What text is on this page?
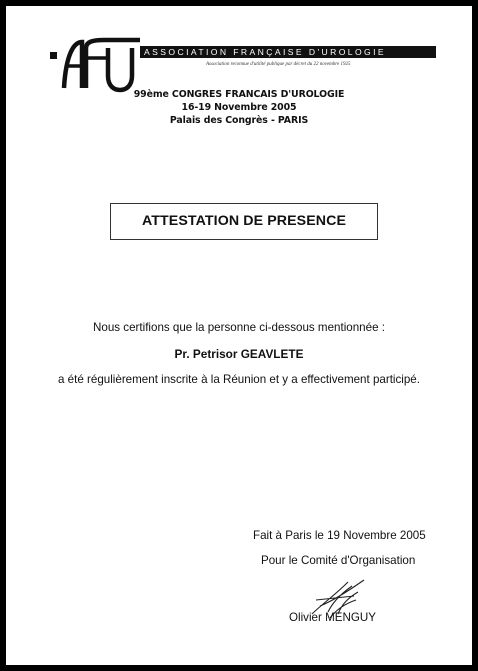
ASSOCIATION FRANÇAISE D'UROLOGIE
Association reconnue d'utilité publique par décret du 22 novembre 1925
99ème CONGRES FRANCAIS D'UROLOGIE
16-19 Novembre 2005
Palais des Congrès - PARIS
ATTESTATION DE PRESENCE
Nous certifions que la personne ci-dessous mentionnée :
Pr. Petrisor GEAVLETE
a été régulièrement inscrite à la Réunion et y a effectivement participé.
Fait à Paris le 19 Novembre 2005
Pour le Comité d'Organisation
Olivier MENGUY
